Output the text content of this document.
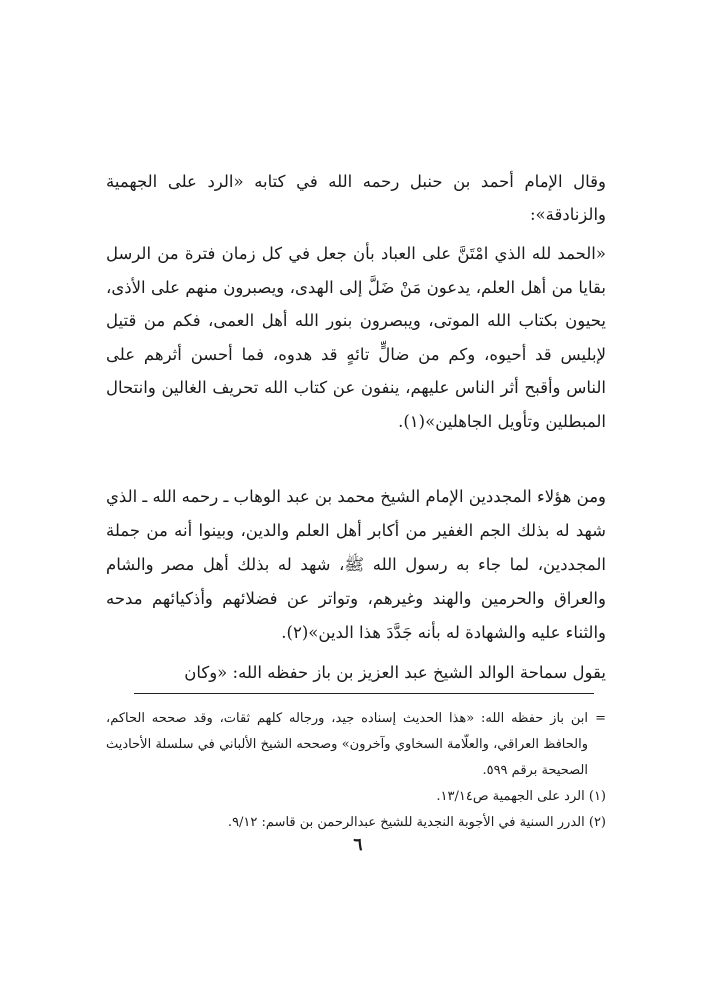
وقال الإمام أحمد بن حنبل رحمه الله في كتابه «الرد على الجهمية والزنادقة»:

«الحمد لله الذي امْتَنَّ على العباد بأن جعل في كل زمان فترة من الرسل بقايا من أهل العلم، يدعون مَنْ ضَلَّ إلى الهدى، ويصبرون منهم على الأذى، يحيون بكتاب الله الموتى، ويبصرون بنور الله أهل العمى، فكم من قتيل لإبليس قد أحيوه، وكم من ضالٍّ تائهٍ قد هدوه، فما أحسن أثرهم على الناس وأقبح أثر الناس عليهم، ينفون عن كتاب الله تحريف الغالين وانتحال المبطلين وتأويل الجاهلين»(١).

ومن هؤلاء المجددين الإمام الشيخ محمد بن عبد الوهاب ـ رحمه الله ـ الذي شهد له بذلك الجم الغفير من أكابر أهل العلم والدين، وبينوا أنه من جملة المجددين، لما جاء به رسول الله ﷺ، شهد له بذلك أهل مصر والشام والعراق والحرمين والهند وغيرهم، وتواتر عن فضلائهم وأذكيائهم مدحه والثناء عليه والشهادة له بأنه جَدَّدَ هذا الدين»(٢).

يقول سماحة الوالد الشيخ عبد العزيز بن باز حفظه الله: «وكان

=
ابن باز حفظه الله: «هذا الحديث إسناده جيد، ورجاله كلهم ثقات، وقد صححه الحاكم، والحافظ العراقي، والعلّامة السخاوي وآخرون» وصححه الشيخ الألباني في سلسلة الأحاديث الصحيحة برقم ٥٩٩.

(١) الرد على الجهمية ص١٣/١٤.

(٢) الدرر السنية في الأجوبة النجدية للشيخ عبدالرحمن بن قاسم: ٩/١٢.

٦
